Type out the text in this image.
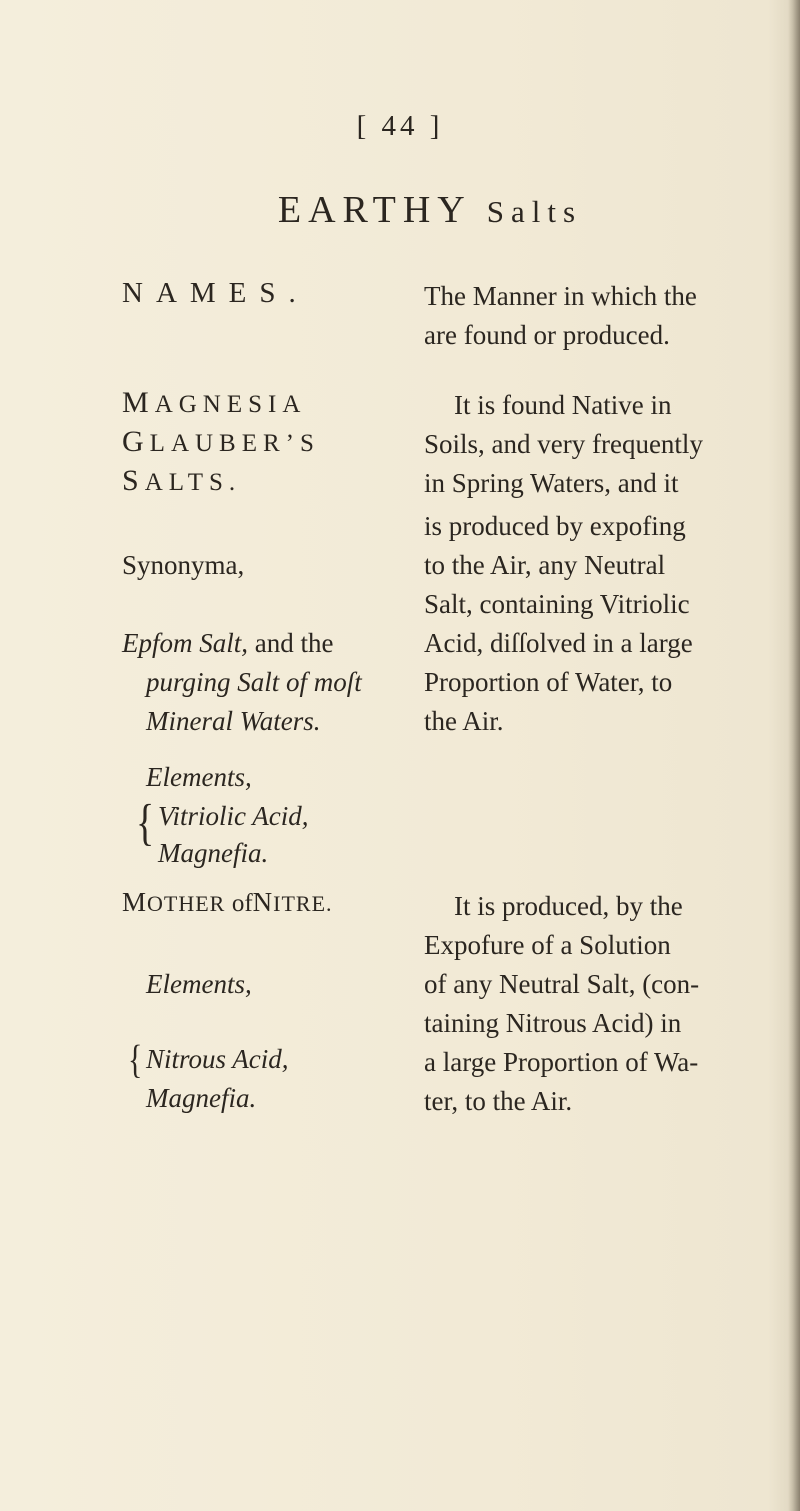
[ 44 ]
EARTHY Salts
NAMES.	The Manner in which the
are found or produced.
MAGNESIA
GLAUBER’S
SALTS.
Synonyma,
Epfom Salt, and the
purging Salt of moſt
Mineral Waters.
Elements,
{ Vitriolic Acid,
Magnefia.
It is found Native in
Soils, and very frequently
in Spring Waters, and it
is produced by expofing
to the Air, any Neutral
Salt, containing Vitriolic
Acid, diſſolved in a large
Proportion of Water, to
the Air.
MOTHER ofNITRE.
Elements,
{ Nitrous Acid,
Magnefia.
It is produced, by the
Expofure of a Solution
of any Neutral Salt, (con-
taining Nitrous Acid) in
a large Proportion of Wa-
ter, to the Air.
